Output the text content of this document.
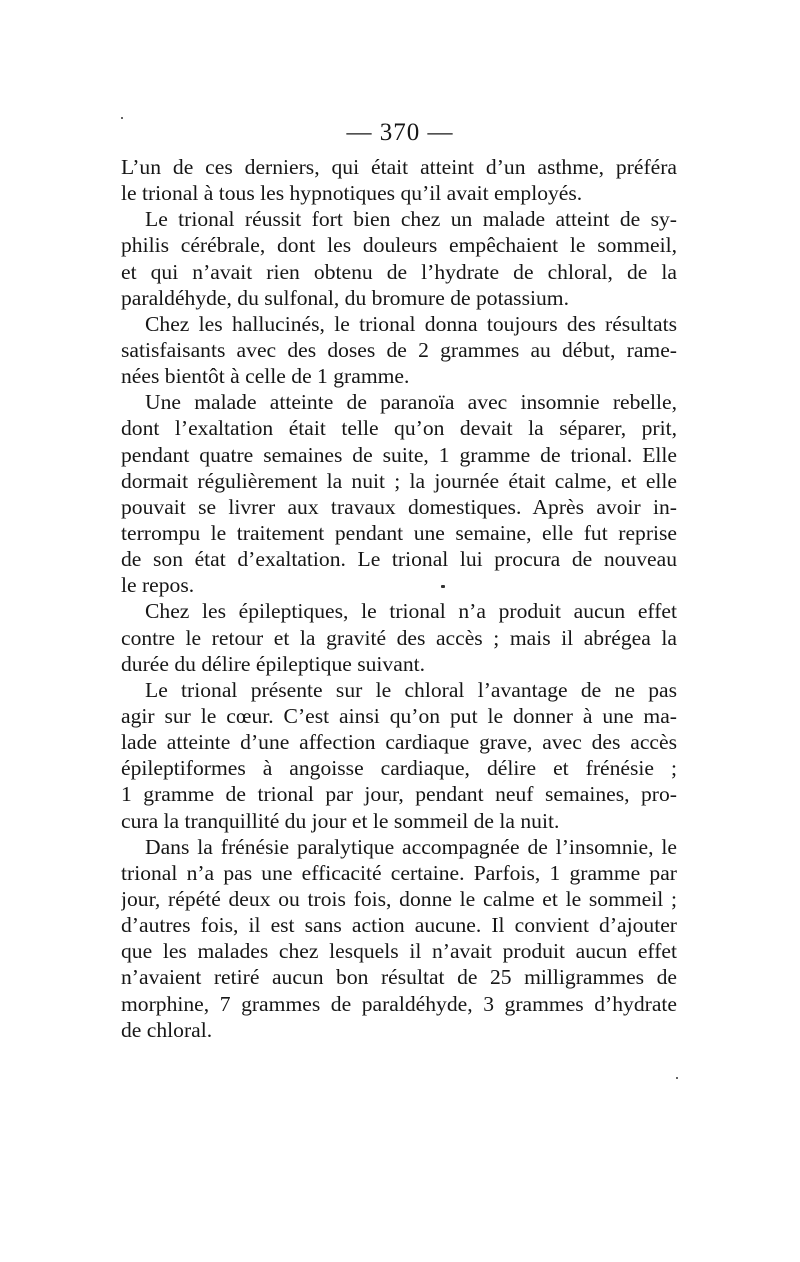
— 370 —
L’un de ces derniers, qui était atteint d’un asthme, préféra
le trional à tous les hypnotiques qu’il avait employés.
Le trional réussit fort bien chez un malade atteint de sy-
philis cérébrale, dont les douleurs empêchaient le sommeil,
et qui n’avait rien obtenu de l’hydrate de chloral, de la
paraldéhyde, du sulfonal, du bromure de potassium.
Chez les hallucinés, le trional donna toujours des résultats
satisfaisants avec des doses de 2 grammes au début, rame-
nées bientôt à celle de 1 gramme.
Une malade atteinte de paranoïa avec insomnie rebelle,
dont l’exaltation était telle qu’on devait la séparer, prit,
pendant quatre semaines de suite, 1 gramme de trional. Elle
dormait régulièrement la nuit ; la journée était calme, et elle
pouvait se livrer aux travaux domestiques. Après avoir in-
terrompu le traitement pendant une semaine, elle fut reprise
de son état d’exaltation. Le trional lui procura de nouveau
le repos.
Chez les épileptiques, le trional n’a produit aucun effet
contre le retour et la gravité des accès ; mais il abrégea la
durée du délire épileptique suivant.
Le trional présente sur le chloral l’avantage de ne pas
agir sur le cœur. C’est ainsi qu’on put le donner à une ma-
lade atteinte d’une affection cardiaque grave, avec des accès
épileptiformes à angoisse cardiaque, délire et frénésie ;
1 gramme de trional par jour, pendant neuf semaines, pro-
cura la tranquillité du jour et le sommeil de la nuit.
Dans la frénésie paralytique accompagnée de l’insomnie, le
trional n’a pas une efficacité certaine. Parfois, 1 gramme par
jour, répété deux ou trois fois, donne le calme et le sommeil ;
d’autres fois, il est sans action aucune. Il convient d’ajouter
que les malades chez lesquels il n’avait produit aucun effet
n’avaient retiré aucun bon résultat de 25 milligrammes de
morphine, 7 grammes de paraldéhyde, 3 grammes d’hydrate
de chloral.
